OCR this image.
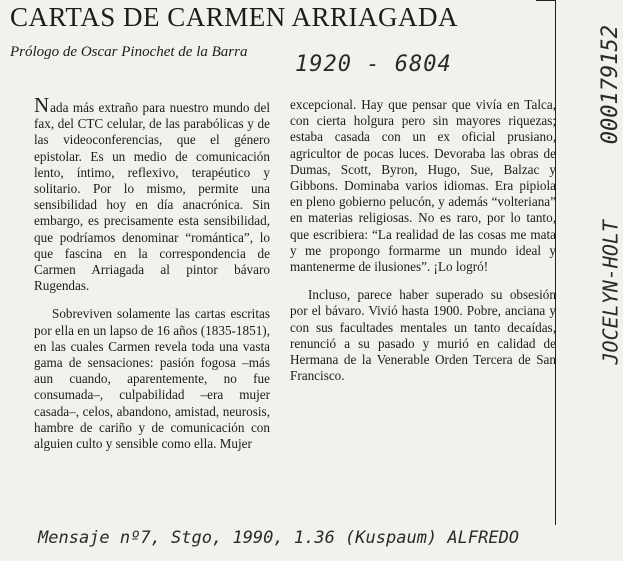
CARTAS DE CARMEN ARRIAGADA
Prólogo de Oscar Pinochet de la Barra 1920 - 6804	000179152
JOCELYN-HOLT

Nada más extraño para nuestro mundo del fax, del CTC celular, de las parabólicas y de las videoconferencias, que el género epistolar. Es un medio de comunicación lento, íntimo, reflexivo, terapéutico y solitario. Por lo mismo, permite una sensibilidad hoy en día anacrónica. Sin embargo, es precisamente esta sensibilidad, que podríamos denominar “romántica”, lo que fascina en la correspondencia de Carmen Arriagada al pintor bávaro Rugendas.

Sobreviven solamente las cartas escritas por ella en un lapso de 16 años (1835-1851), en las cuales Carmen revela toda una vasta gama de sensaciones: pasión fogosa –más aun cuando, aparentemente, no fue consumada–, culpabilidad –era mujer casada–, celos, abandono, amistad, neurosis, hambre de cariño y de comunicación con alguien culto y sensible como ella. Mujer

excepcional. Hay que pensar que vivía en Talca, con cierta holgura pero sin mayores riquezas; estaba casada con un ex oficial prusiano, agricultor de pocas luces. Devoraba las obras de Dumas, Scott, Byron, Hugo, Sue, Balzac y Gibbons. Dominaba varios idiomas. Era pipiola en pleno gobierno pelucón, y además “volteriana” en materias religiosas. No es raro, por lo tanto, que escribiera: “La realidad de las cosas me mata y me propongo formarme un mundo ideal y mantenerme de ilusiones”. ¡Lo logró!

Incluso, parece haber superado su obsesión por el bávaro. Vivió hasta 1900. Pobre, anciana y con sus facultades mentales un tanto decaídas, renunció a su pasado y murió en calidad de Hermana de la Venerable Orden Tercera de San Francisco.

Mensaje nº7, Stgo, 1990, 1.36 (Kuspaum) ALFREDO
